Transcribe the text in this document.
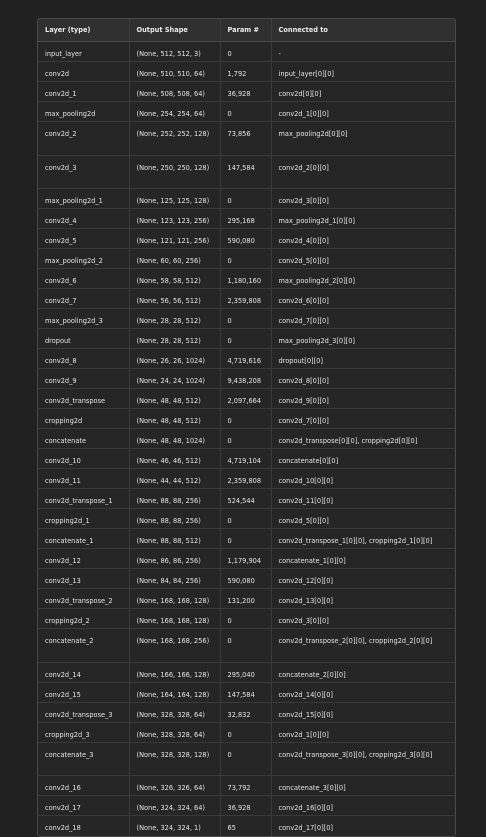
Layer (type)	Output Shape	Param #	Connected to
input_layer	(None, 512, 512, 3)	0	-
conv2d	(None, 510, 510, 64)	1,792	input_layer[0][0]
conv2d_1	(None, 508, 508, 64)	36,928	conv2d[0][0]
max_pooling2d	(None, 254, 254, 64)	0	conv2d_1[0][0]
conv2d_2	(None, 252, 252, 128)	73,856	max_pooling2d[0][0]
conv2d_3	(None, 250, 250, 128)	147,584	conv2d_2[0][0]
max_pooling2d_1	(None, 125, 125, 128)	0	conv2d_3[0][0]
conv2d_4	(None, 123, 123, 256)	295,168	max_pooling2d_1[0][0]
conv2d_5	(None, 121, 121, 256)	590,080	conv2d_4[0][0]
max_pooling2d_2	(None, 60, 60, 256)	0	conv2d_5[0][0]
conv2d_6	(None, 58, 58, 512)	1,180,160	max_pooling2d_2[0][0]
conv2d_7	(None, 56, 56, 512)	2,359,808	conv2d_6[0][0]
max_pooling2d_3	(None, 28, 28, 512)	0	conv2d_7[0][0]
dropout	(None, 28, 28, 512)	0	max_pooling2d_3[0][0]
conv2d_8	(None, 26, 26, 1024)	4,719,616	dropout[0][0]
conv2d_9	(None, 24, 24, 1024)	9,438,208	conv2d_8[0][0]
conv2d_transpose	(None, 48, 48, 512)	2,097,664	conv2d_9[0][0]
cropping2d	(None, 48, 48, 512)	0	conv2d_7[0][0]
concatenate	(None, 48, 48, 1024)	0	conv2d_transpose[0][0], cropping2d[0][0]
conv2d_10	(None, 46, 46, 512)	4,719,104	concatenate[0][0]
conv2d_11	(None, 44, 44, 512)	2,359,808	conv2d_10[0][0]
conv2d_transpose_1	(None, 88, 88, 256)	524,544	conv2d_11[0][0]
cropping2d_1	(None, 88, 88, 256)	0	conv2d_5[0][0]
concatenate_1	(None, 88, 88, 512)	0	conv2d_transpose_1[0][0], cropping2d_1[0][0]
conv2d_12	(None, 86, 86, 256)	1,179,904	concatenate_1[0][0]
conv2d_13	(None, 84, 84, 256)	590,080	conv2d_12[0][0]
conv2d_transpose_2	(None, 168, 168, 128)	131,200	conv2d_13[0][0]
cropping2d_2	(None, 168, 168, 128)	0	conv2d_3[0][0]
concatenate_2	(None, 168, 168, 256)	0	conv2d_transpose_2[0][0], cropping2d_2[0][0]
conv2d_14	(None, 166, 166, 128)	295,040	concatenate_2[0][0]
conv2d_15	(None, 164, 164, 128)	147,584	conv2d_14[0][0]
conv2d_transpose_3	(None, 328, 328, 64)	32,832	conv2d_15[0][0]
cropping2d_3	(None, 328, 328, 64)	0	conv2d_1[0][0]
concatenate_3	(None, 328, 328, 128)	0	conv2d_transpose_3[0][0], cropping2d_3[0][0]
conv2d_16	(None, 326, 326, 64)	73,792	concatenate_3[0][0]
conv2d_17	(None, 324, 324, 64)	36,928	conv2d_16[0][0]
conv2d_18	(None, 324, 324, 1)	65	conv2d_17[0][0]
